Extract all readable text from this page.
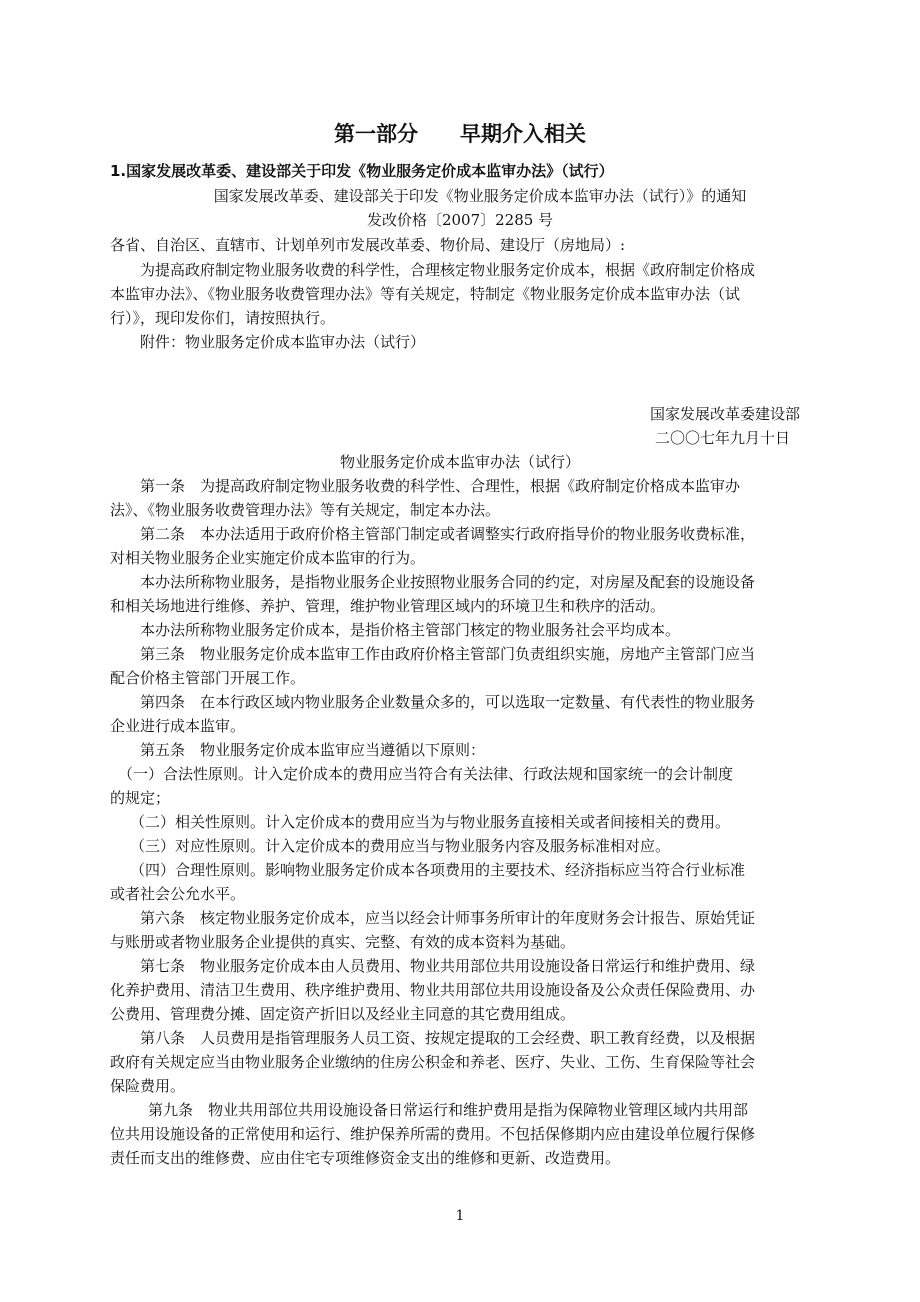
第一部分　　早期介入相关
1.国家发展改革委、建设部关于印发《物业服务定价成本监审办法》（试行）
国家发展改革委、建设部关于印发《物业服务定价成本监审办法（试行）》的通知
发改价格〔2007〕2285 号
各省、自治区、直辖市、计划单列市发展改革委、物价局、建设厅（房地局）:
为提高政府制定物业服务收费的科学性，合理核定物业服务定价成本，根据《政府制定价格成
本监审办法》、《物业服务收费管理办法》等有关规定，特制定《物业服务定价成本监审办法（试
行）》，现印发你们，请按照执行。
附件：物业服务定价成本监审办法（试行）
国家发展改革委建设部
二〇〇七年九月十日
物业服务定价成本监审办法（试行）
第一条　为提高政府制定物业服务收费的科学性、合理性，根据《政府制定价格成本监审办
法》、《物业服务收费管理办法》等有关规定，制定本办法。
第二条　本办法适用于政府价格主管部门制定或者调整实行政府指导价的物业服务收费标准，
对相关物业服务企业实施定价成本监审的行为。
本办法所称物业服务，是指物业服务企业按照物业服务合同的约定，对房屋及配套的设施设备
和相关场地进行维修、养护、管理，维护物业管理区域内的环境卫生和秩序的活动。
本办法所称物业服务定价成本，是指价格主管部门核定的物业服务社会平均成本。
第三条　物业服务定价成本监审工作由政府价格主管部门负责组织实施，房地产主管部门应当
配合价格主管部门开展工作。
第四条　在本行政区域内物业服务企业数量众多的，可以选取一定数量、有代表性的物业服务
企业进行成本监审。
第五条　物业服务定价成本监审应当遵循以下原则：
（一）合法性原则。计入定价成本的费用应当符合有关法律、行政法规和国家统一的会计制度
的规定；
（二）相关性原则。计入定价成本的费用应当为与物业服务直接相关或者间接相关的费用。
（三）对应性原则。计入定价成本的费用应当与物业服务内容及服务标准相对应。
（四）合理性原则。影响物业服务定价成本各项费用的主要技术、经济指标应当符合行业标准
或者社会公允水平。
第六条　核定物业服务定价成本，应当以经会计师事务所审计的年度财务会计报告、原始凭证
与账册或者物业服务企业提供的真实、完整、有效的成本资料为基础。
第七条　物业服务定价成本由人员费用、物业共用部位共用设施设备日常运行和维护费用、绿
化养护费用、清洁卫生费用、秩序维护费用、物业共用部位共用设施设备及公众责任保险费用、办
公费用、管理费分摊、固定资产折旧以及经业主同意的其它费用组成。
第八条　人员费用是指管理服务人员工资、按规定提取的工会经费、职工教育经费，以及根据
政府有关规定应当由物业服务企业缴纳的住房公积金和养老、医疗、失业、工伤、生育保险等社会
保险费用。
第九条　物业共用部位共用设施设备日常运行和维护费用是指为保障物业管理区域内共用部
位共用设施设备的正常使用和运行、维护保养所需的费用。不包括保修期内应由建设单位履行保修
责任而支出的维修费、应由住宅专项维修资金支出的维修和更新、改造费用。
1
